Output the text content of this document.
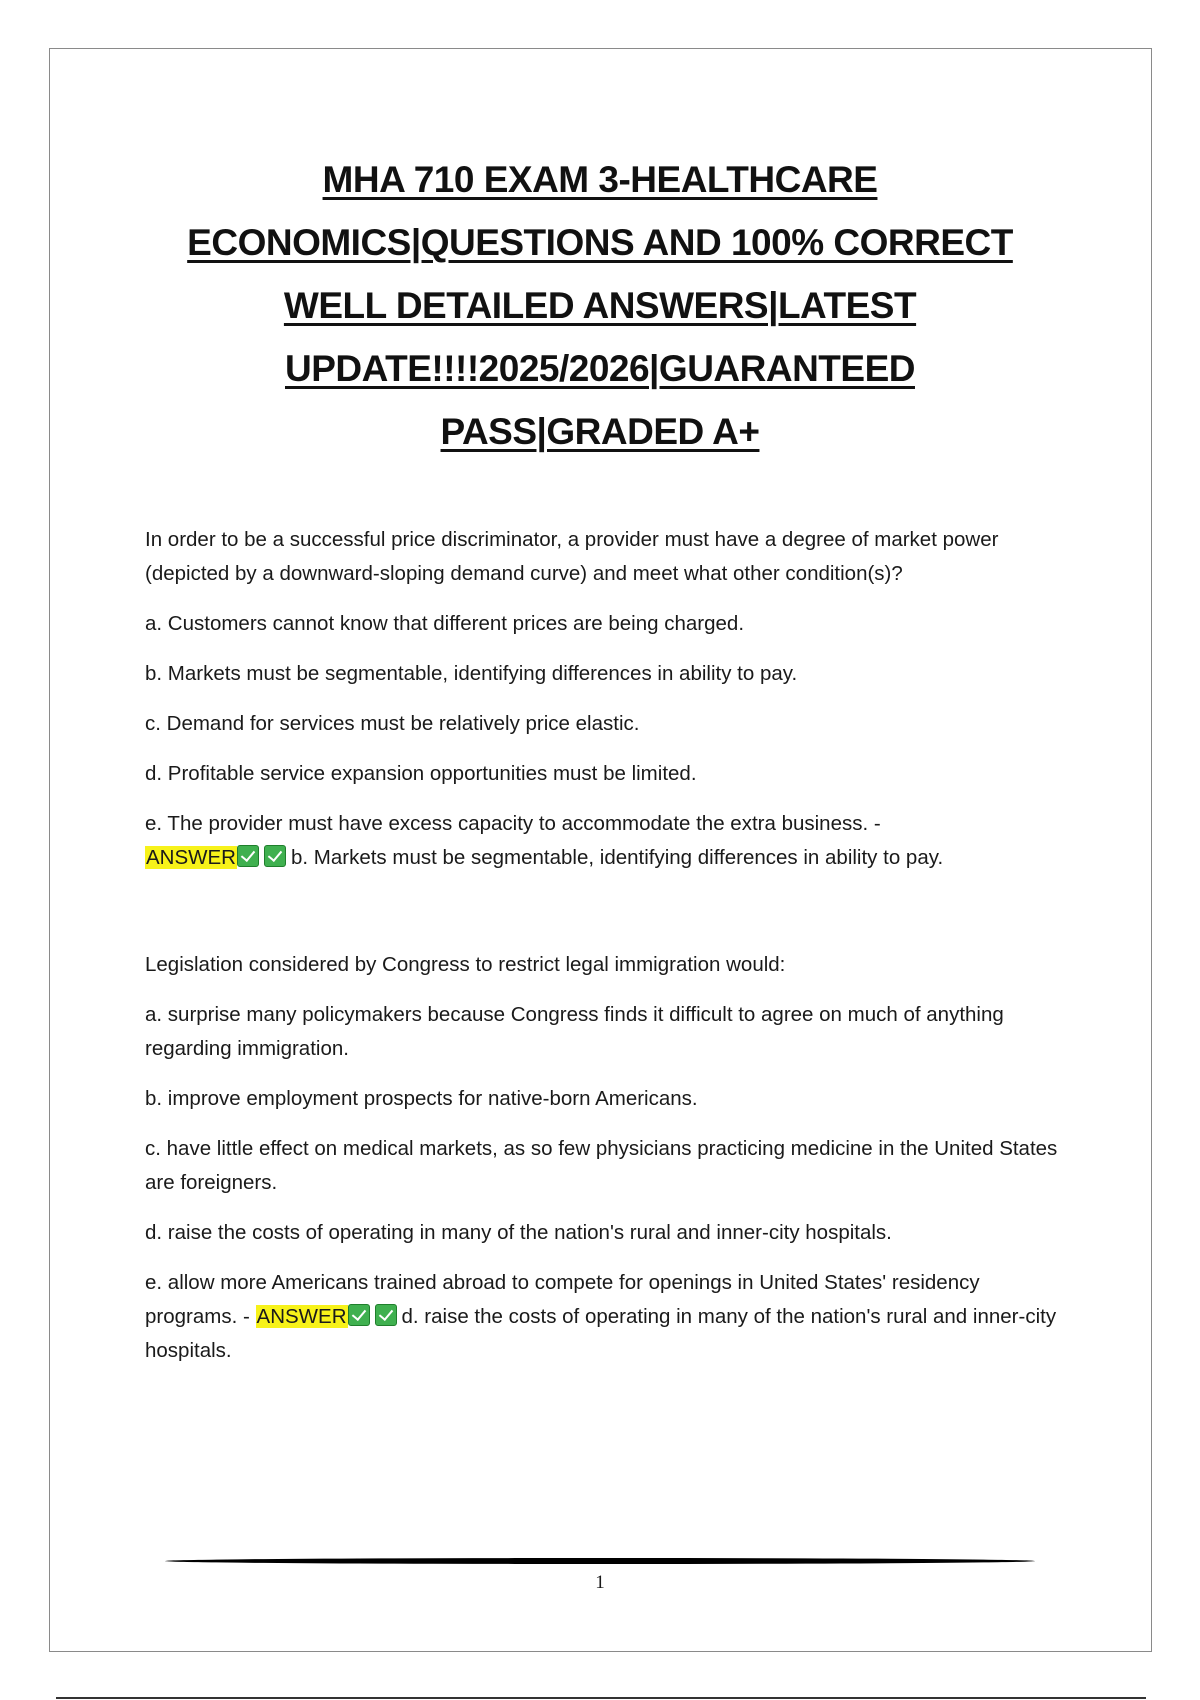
MHA 710 EXAM 3-HEALTHCARE
ECONOMICS|QUESTIONS AND 100% CORRECT
WELL DETAILED ANSWERS|LATEST
UPDATE!!!!2025/2026|GUARANTEED
PASS|GRADED A+

In order to be a successful price discriminator, a provider must have a degree of market power (depicted by a downward-sloping demand curve) and meet what other condition(s)?

a. Customers cannot know that different prices are being charged.

b. Markets must be segmentable, identifying differences in ability to pay.

c. Demand for services must be relatively price elastic.

d. Profitable service expansion opportunities must be limited.

e. The provider must have excess capacity to accommodate the extra business. -
ANSWER	b. Markets must be segmentable, identifying differences in ability to pay.

Legislation considered by Congress to restrict legal immigration would:

a. surprise many policymakers because Congress finds it difficult to agree on much of anything regarding immigration.

b. improve employment prospects for native-born Americans.

c. have little effect on medical markets, as so few physicians practicing medicine in the United States are foreigners.

d. raise the costs of operating in many of the nation's rural and inner-city hospitals.

e. allow more Americans trained abroad to compete for openings in United States' residency programs. - ANSWER	d. raise the costs of operating in many of the nation's rural and inner-city hospitals.

1
